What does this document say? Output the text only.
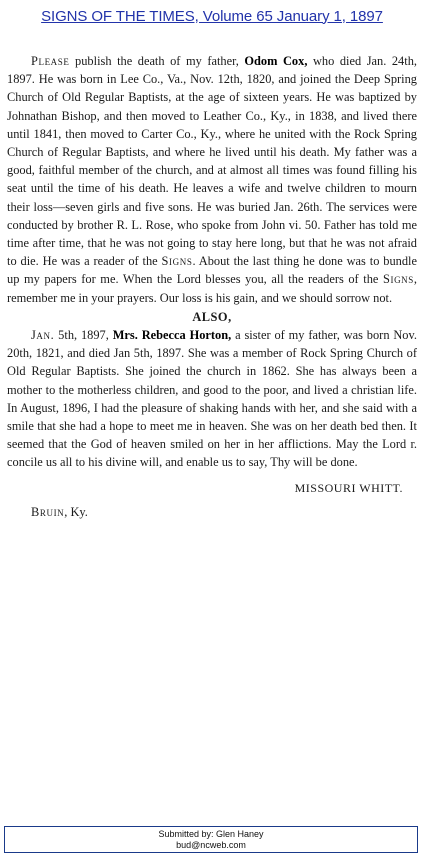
SIGNS OF THE TIMES, Volume 65 January 1, 1897

Please publish the death of my father, Odom Cox, who died Jan. 24th, 1897. He was born in Lee Co., Va., Nov. 12th, 1820, and joined the Deep Spring Church of Old Regular Baptists, at the age of sixteen years. He was baptized by Johnathan Bishop, and then moved to Leather Co., Ky., in 1838, and lived there until 1841, then moved to Carter Co., Ky., where he united with the Rock Spring Church of Regular Baptists, and where he lived until his death. My father was a good, faithful member of the church, and at almost all times was found filling his seat until the time of his death. He leaves a wife and twelve children to mourn their loss—seven girls and five sons. He was buried Jan. 26th. The services were conducted by brother R. L. Rose, who spoke from John vi. 50. Father has told me time after time, that he was not going to stay here long, but that he was not afraid to die. He was a reader of the Signs. About the last thing he done was to bundle up my papers for me. When the Lord blesses you, all the readers of the Signs, remember me in your prayers. Our loss is his gain, and we should sorrow not.

ALSO,

Jan. 5th, 1897, Mrs. Rebecca Horton, a sister of my father, was born Nov. 20th, 1821, and died Jan 5th, 1897. She was a member of Rock Spring Church of Old Regular Baptists. She joined the church in 1862. She has always been a mother to the motherless children, and good to the poor, and lived a christian life. In August, 1896, I had the pleasure of shaking hands with her, and she said with a smile that she had a hope to meet me in heaven. She was on her death bed then. It seemed that the God of heaven smiled on her in her afflictions. May the Lord r. concile us all to his divine will, and enable us to say, Thy will be done.

MISSOURI WHITT.

Bruin, Ky.

Submitted by: Glen Haney
bud@ncweb.com
